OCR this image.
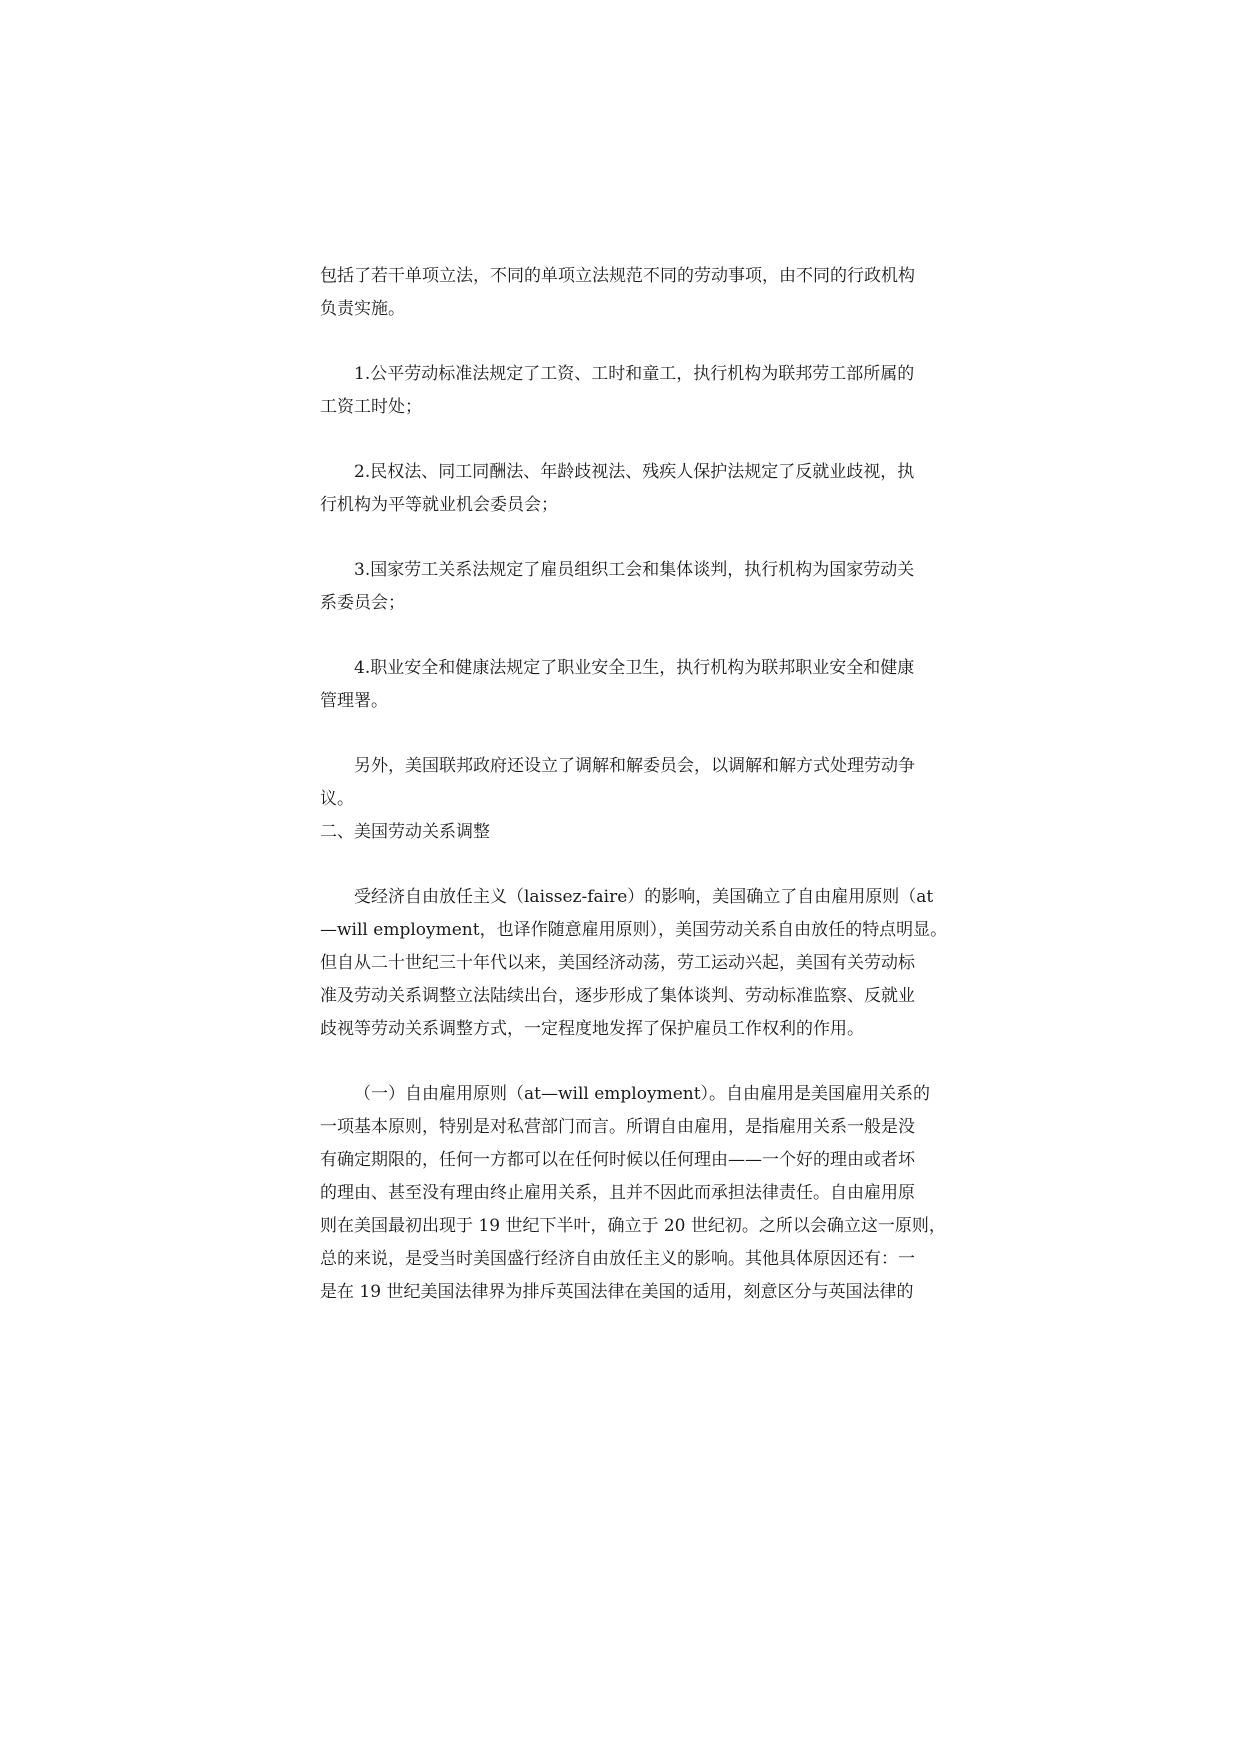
包括了若干单项立法，不同的单项立法规范不同的劳动事项，由不同的行政机构
负责实施。
1.公平劳动标准法规定了工资、工时和童工，执行机构为联邦劳工部所属的
工资工时处；
2.民权法、同工同酬法、年龄歧视法、残疾人保护法规定了反就业歧视，执
行机构为平等就业机会委员会；
3.国家劳工关系法规定了雇员组织工会和集体谈判，执行机构为国家劳动关
系委员会；
4.职业安全和健康法规定了职业安全卫生，执行机构为联邦职业安全和健康
管理署。
另外，美国联邦政府还设立了调解和解委员会，以调解和解方式处理劳动争
议。
二、美国劳动关系调整
受经济自由放任主义（laissez-faire）的影响，美国确立了自由雇用原则（at
—will employment，也译作随意雇用原则），美国劳动关系自由放任的特点明显。
但自从二十世纪三十年代以来，美国经济动荡，劳工运动兴起，美国有关劳动标
准及劳动关系调整立法陆续出台，逐步形成了集体谈判、劳动标准监察、反就业
歧视等劳动关系调整方式，一定程度地发挥了保护雇员工作权利的作用。
（一）自由雇用原则（at—will employment）。自由雇用是美国雇用关系的
一项基本原则，特别是对私营部门而言。所谓自由雇用，是指雇用关系一般是没
有确定期限的，任何一方都可以在任何时候以任何理由——一个好的理由或者坏
的理由、甚至没有理由终止雇用关系，且并不因此而承担法律责任。自由雇用原
则在美国最初出现于 19 世纪下半叶，确立于 20 世纪初。之所以会确立这一原则，
总的来说，是受当时美国盛行经济自由放任主义的影响。其他具体原因还有：一
是在 19 世纪美国法律界为排斥英国法律在美国的适用，刻意区分与英国法律的
